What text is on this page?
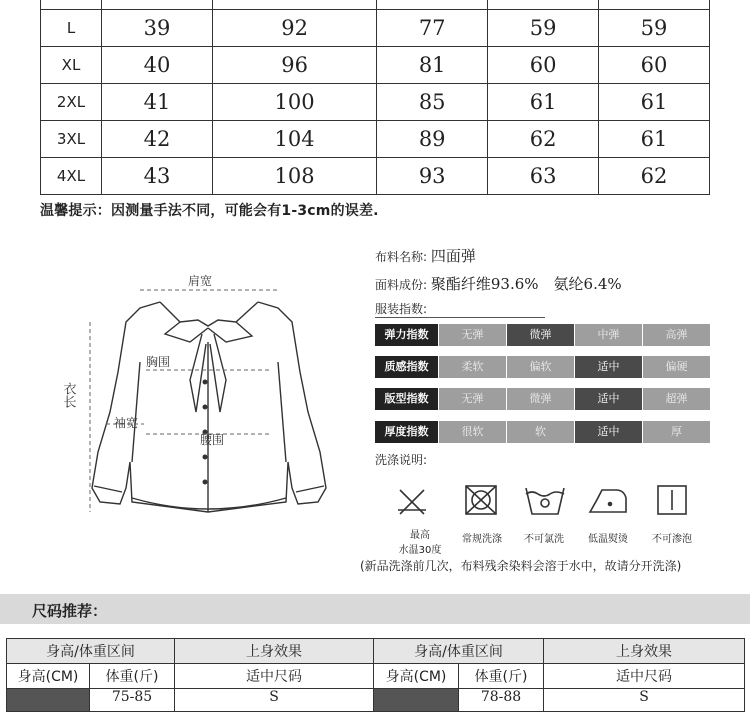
L	39	92	77	59	59
XL	40	96	81	60	60
2XL	41	100	85	61	61
3XL	42	104	89	62	61
4XL	43	108	93	63	62
温馨提示：因测量手法不同，可能会有1-3cm的误差.
肩宽
胸围
腰围
袖宽
衣长
布料名称: 四面弹
面料成份: 聚酯纤维93.6%　氨纶6.4%
服装指数:
弹力指数	无弹	微弹	中弹	高弹
质感指数	柔软	偏软	适中	偏硬
版型指数	无弹	微弹	适中	超弹
厚度指数	很软	软	适中	厚
洗涤说明:
最高
水温30度
常规洗涤	不可氯洗	低温熨烫	不可渗泡
(新品洗涤前几次，布料残余染料会溶于水中，故请分开洗涤)
尺码推荐：
身高/体重区间		上身效果	身高/体重区间		上身效果
身高(CM)	体重(斤)	适中尺码	身高(CM)	体重(斤)	适中尺码
	75-85	S		78-88	S
